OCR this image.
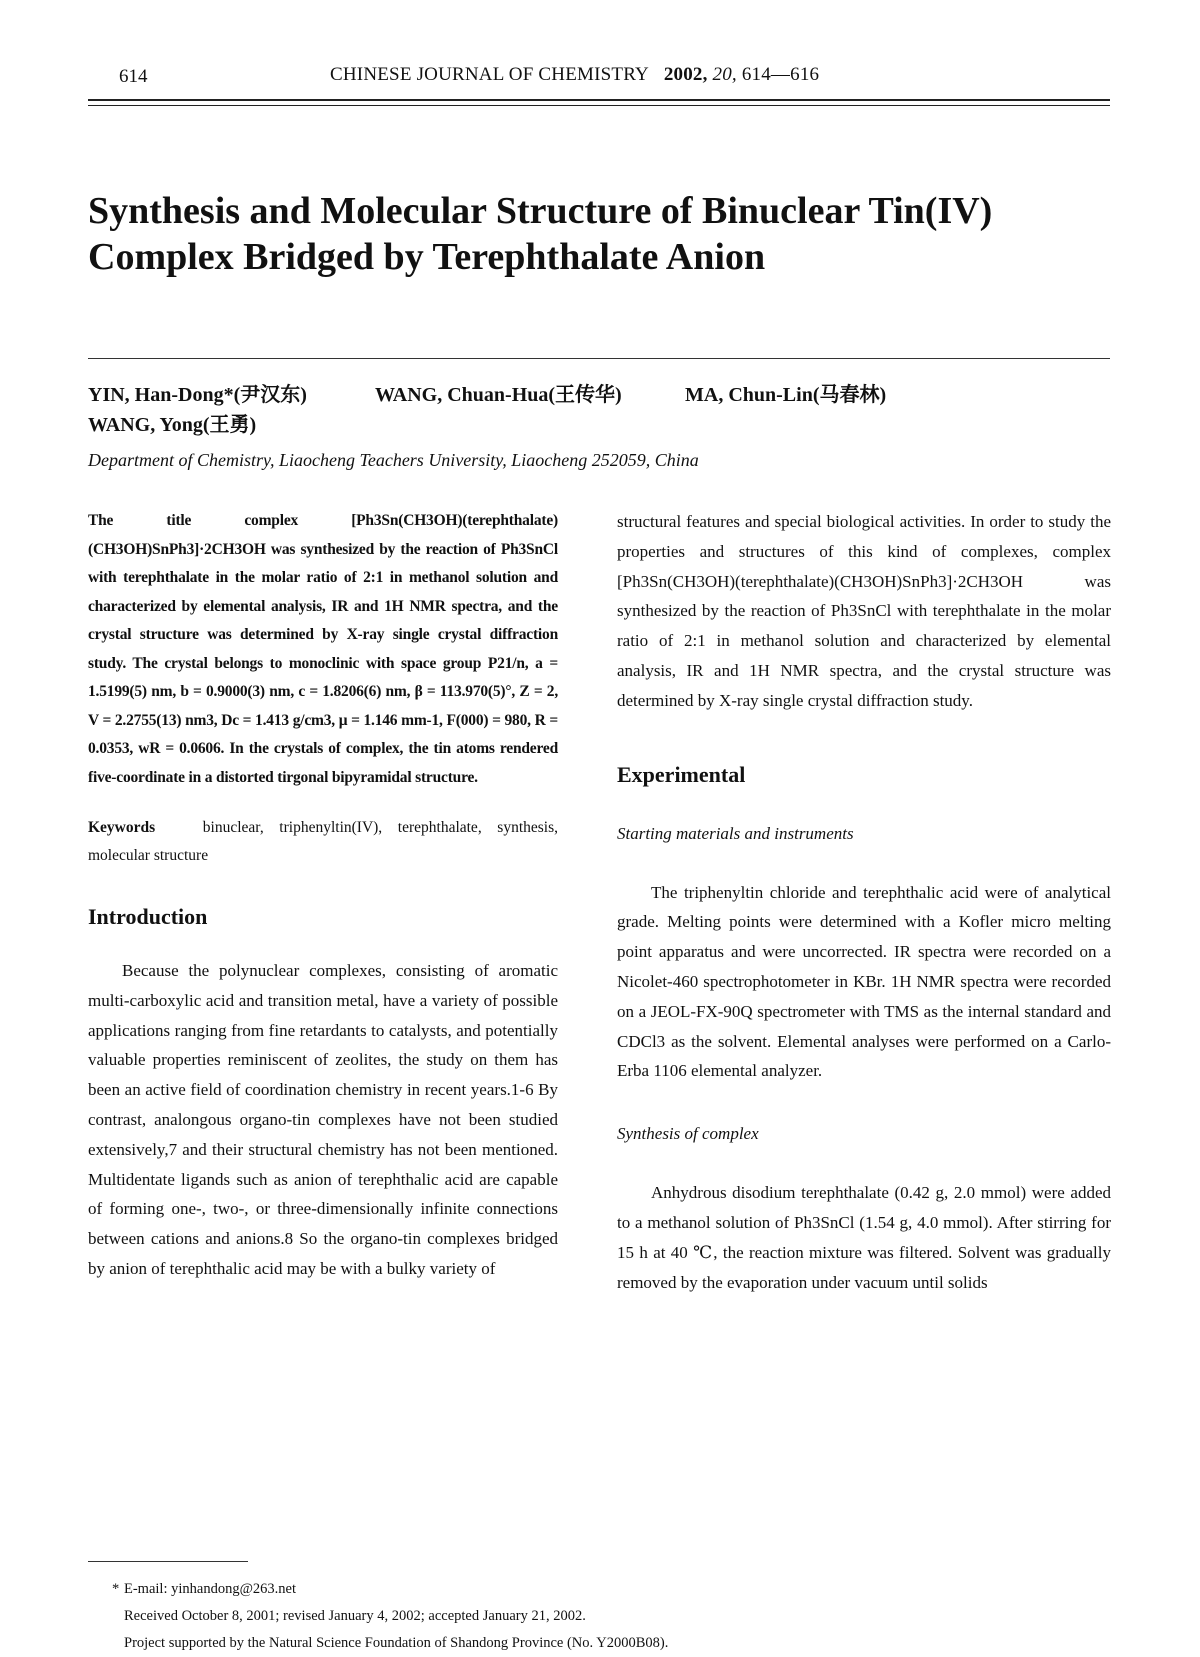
614	CHINESE JOURNAL OF CHEMISTRY 2002, 20, 614—616
Synthesis and Molecular Structure of Binuclear Tin(IV) Complex Bridged by Terephthalate Anion
YIN, Han-Dong*(尹汉东)	WANG, Chuan-Hua(王传华)	MA, Chun-Lin(马春林)
WANG, Yong(王勇)
Department of Chemistry, Liaocheng Teachers University, Liaocheng 252059, China

The title complex [Ph3Sn(CH3OH)(terephthalate)(CH3OH)SnPh3]·2CH3OH was synthesized by the reaction of Ph3SnCl with terephthalate in the molar ratio of 2:1 in methanol solution and characterized by elemental analysis, IR and 1H NMR spectra, and the crystal structure was determined by X-ray single crystal diffraction study. The crystal belongs to monoclinic with space group P21/n, a = 1.5199(5) nm, b = 0.9000(3) nm, c = 1.8206(6) nm, β = 113.970(5)°, Z = 2, V = 2.2755(13) nm3, Dc = 1.413 g/cm3, μ = 1.146 mm-1, F(000) = 980, R = 0.0353, wR = 0.0606. In the crystals of complex, the tin atoms rendered five-coordinate in a distorted tirgonal bipyramidal structure.

Keywords	binuclear, triphenyltin(IV), terephthalate, synthesis, molecular structure

Introduction

Because the polynuclear complexes, consisting of aromatic multi-carboxylic acid and transition metal, have a variety of possible applications ranging from fine retardants to catalysts, and potentially valuable properties reminiscent of zeolites, the study on them has been an active field of coordination chemistry in recent years.1-6 By contrast, analongous organo-tin complexes have not been studied extensively,7 and their structural chemistry has not been mentioned. Multidentate ligands such as anion of terephthalic acid are capable of forming one-, two-, or three-dimensionally infinite connections between cations and anions.8 So the organo-tin complexes bridged by anion of terephthalic acid may be with a bulky variety of

structural features and special biological activities. In order to study the properties and structures of this kind of complexes, complex [Ph3Sn(CH3OH)(terephthalate)(CH3OH)SnPh3]·2CH3OH was synthesized by the reaction of Ph3SnCl with terephthalate in the molar ratio of 2:1 in methanol solution and characterized by elemental analysis, IR and 1H NMR spectra, and the crystal structure was determined by X-ray single crystal diffraction study.

Experimental
Starting materials and instruments

The triphenyltin chloride and terephthalic acid were of analytical grade. Melting points were determined with a Kofler micro melting point apparatus and were uncorrected. IR spectra were recorded on a Nicolet-460 spectrophotometer in KBr. 1H NMR spectra were recorded on a JEOL-FX-90Q spectrometer with TMS as the internal standard and CDCl3 as the solvent. Elemental analyses were performed on a Carlo-Erba 1106 elemental analyzer.

Synthesis of complex

Anhydrous disodium terephthalate (0.42 g, 2.0 mmol) were added to a methanol solution of Ph3SnCl (1.54 g, 4.0 mmol). After stirring for 15 h at 40 ℃, the reaction mixture was filtered. Solvent was gradually removed by the evaporation under vacuum until solids

* E-mail: yinhandong@263.net
Received October 8, 2001; revised January 4, 2002; accepted January 21, 2002.
Project supported by the Natural Science Foundation of Shandong Province (No. Y2000B08).
